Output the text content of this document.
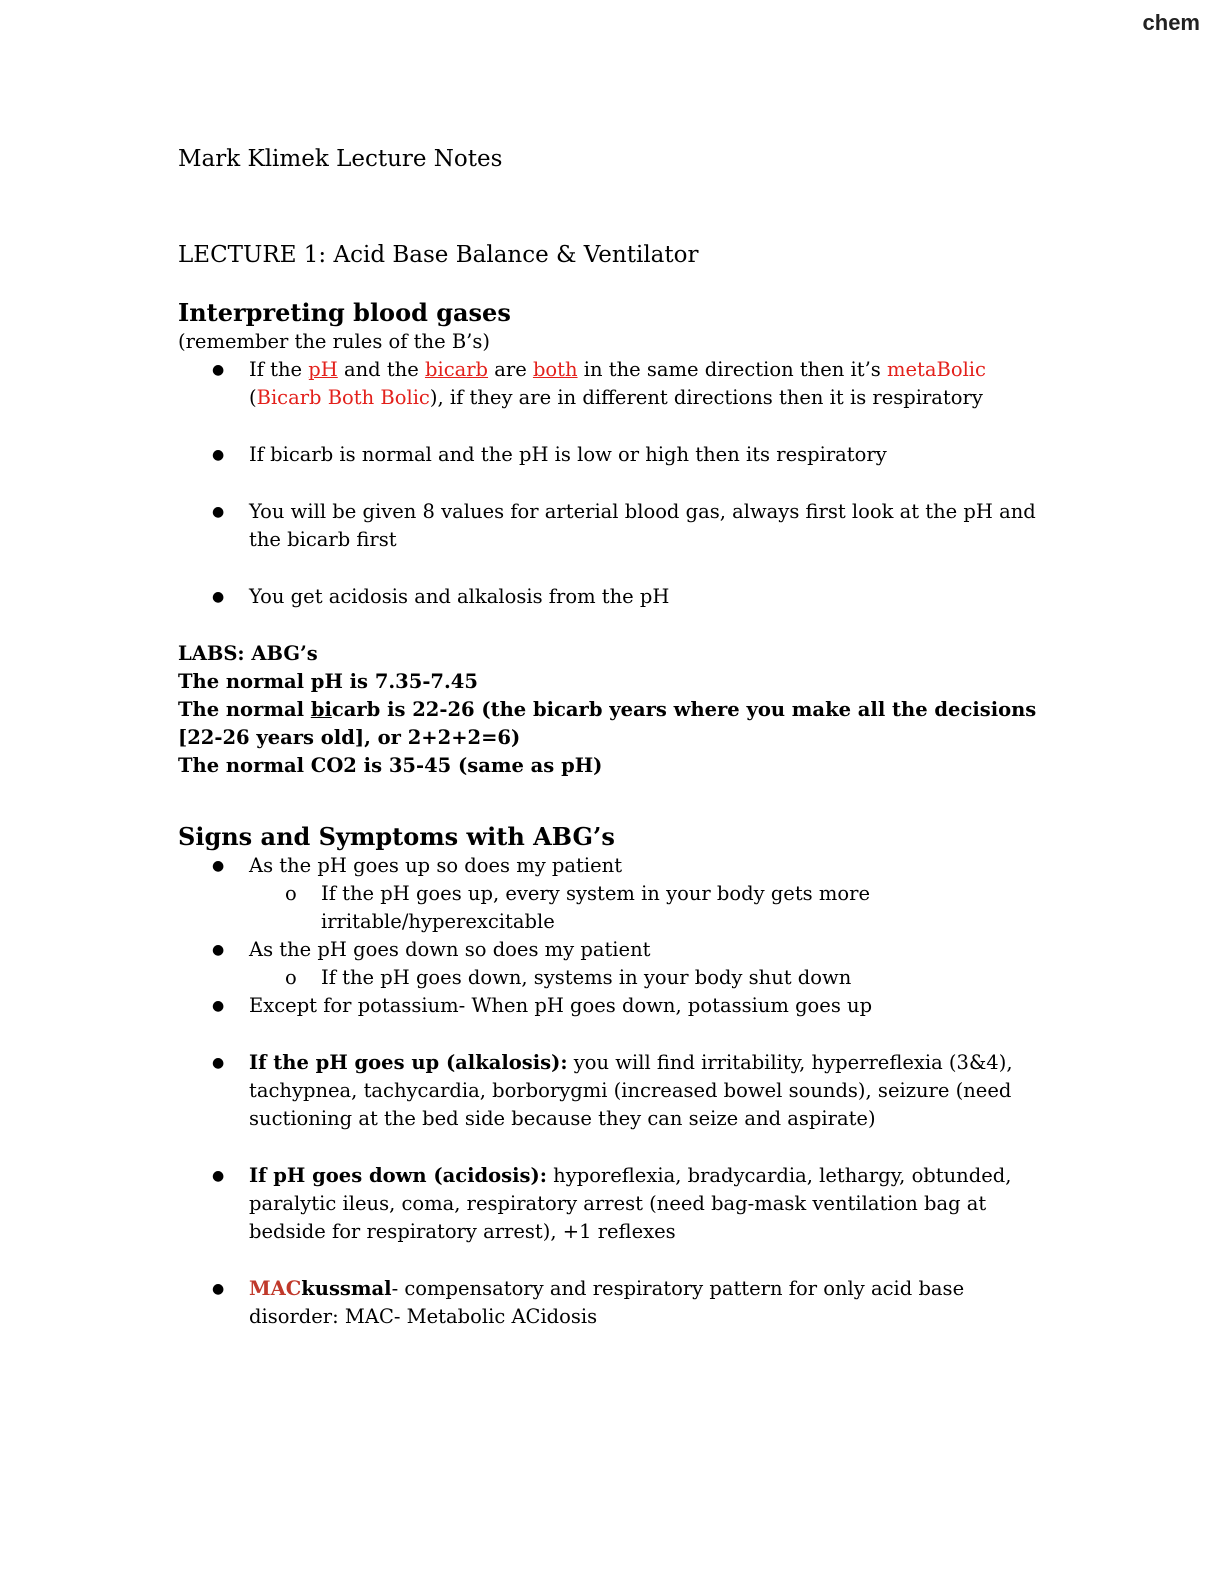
chem

Mark Klimek Lecture Notes

LECTURE 1: Acid Base Balance & Ventilator

Interpreting blood gases

(remember the rules of the B’s)

● If the pH and the bicarb are both in the same direction then it’s metaBolic
(Bicarb Both Bolic), if they are in different directions then it is respiratory
● If bicarb is normal and the pH is low or high then its respiratory
● You will be given 8 values for arterial blood gas, always first look at the pH and the bicarb first
● You get acidosis and alkalosis from the pH
LABS: ABG’s
The normal pH is 7.35-7.45
The normal bicarb is 22-26 (the bicarb years where you make all the decisions [22-26 years old], or 2+2+2=6)
The normal CO2 is 35-45 (same as pH)
Signs and Symptoms with ABG’s
● As the pH goes up so does my patient
o If the pH goes up, every system in your body gets more irritable/hyperexcitable
● As the pH goes down so does my patient
o If the pH goes down, systems in your body shut down
● Except for potassium- When pH goes down, potassium goes up
● If the pH goes up (alkalosis): you will find irritability, hyperreflexia (3&4), tachypnea, tachycardia, borborygmi (increased bowel sounds), seizure (need suctioning at the bed side because they can seize and aspirate)
● If pH goes down (acidosis): hyporeflexia, bradycardia, lethargy, obtunded, paralytic ileus, coma, respiratory arrest (need bag-mask ventilation bag at bedside for respiratory arrest), +1 reflexes
● MACkussmal- compensatory and respiratory pattern for only acid base disorder: MAC- Metabolic ACidosis
